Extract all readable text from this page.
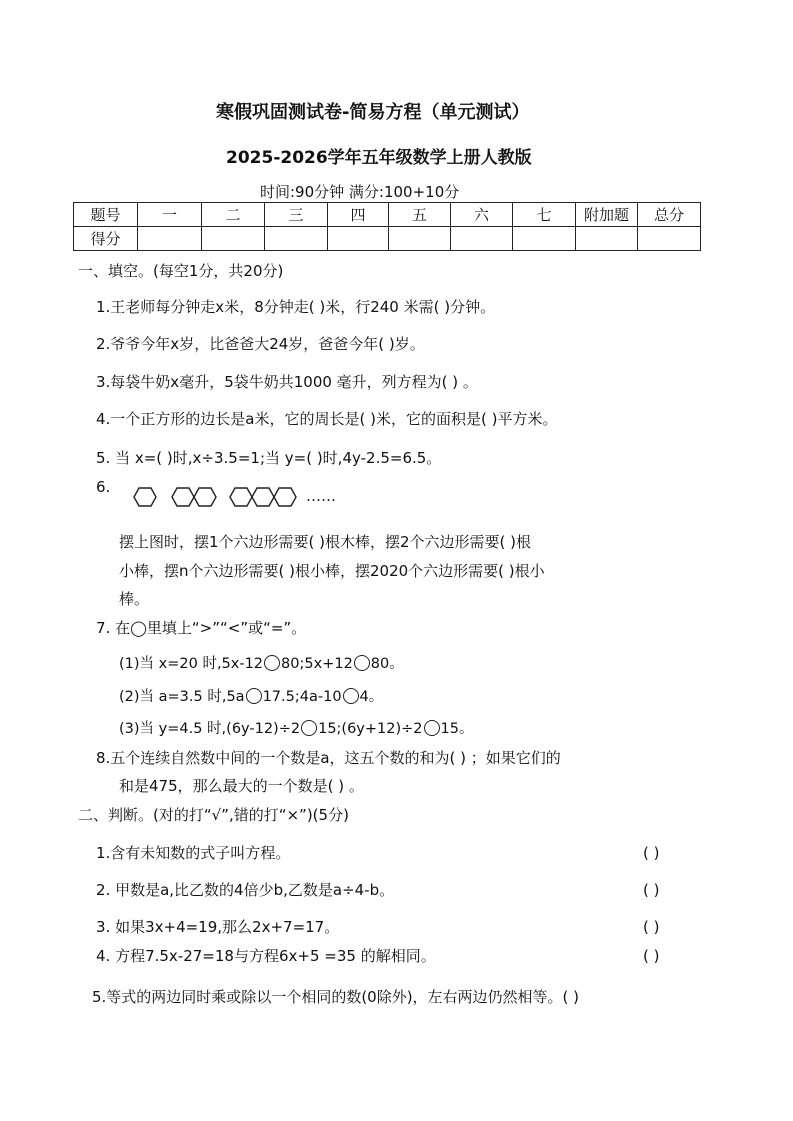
寒假巩固测试卷-简易方程（单元测试）
2025-2026学年五年级数学上册人教版
时间:90分钟 满分:100+10分
题号	一	二	三	四	五	六	七	附加题	总分
得分									
一、填空。(每空1分，共20分)
1.王老师每分钟走x米，8分钟走( )米，行240 米需( )分钟。
2.爷爷今年x岁，比爸爸大24岁，爸爸今年( )岁。
3.每袋牛奶x毫升，5袋牛奶共1000 毫升，列方程为( ) 。
4.一个正方形的边长是a米，它的周长是( )米，它的面积是( )平方米。
5. 当 x=( )时,x÷3.5=1;当 y=( )时,4y-2.5=6.5。
6.	……
摆上图时，摆1个六边形需要( )根木棒，摆2个六边形需要( )根
小棒，摆n个六边形需要( )根小棒，摆2020个六边形需要( )根小
棒。
7. 在◯里填上“>”“<”或“=”。
(1)当 x=20 时,5x-12 80;5x+12 80。
(2)当 a=3.5 时,5a 17.5;4a-10 4。
(3)当 y=4.5 时,(6y-12)÷2 15;(6y+12)÷2 15。
8.五个连续自然数中间的一个数是a，这五个数的和为( ) ；如果它们的
和是475，那么最大的一个数是( ) 。
二、判断。(对的打“√”,错的打“×”)(5分)
1.含有未知数的式子叫方程。	( )
2. 甲数是a,比乙数的4倍少b,乙数是a÷4-b。	( )
3. 如果3x+4=19,那么2x+7=17。	( )
4. 方程7.5x-27=18与方程6x+5 =35 的解相同。	( )
5.等式的两边同时乘或除以一个相同的数(0除外)，左右两边仍然相等。( )
